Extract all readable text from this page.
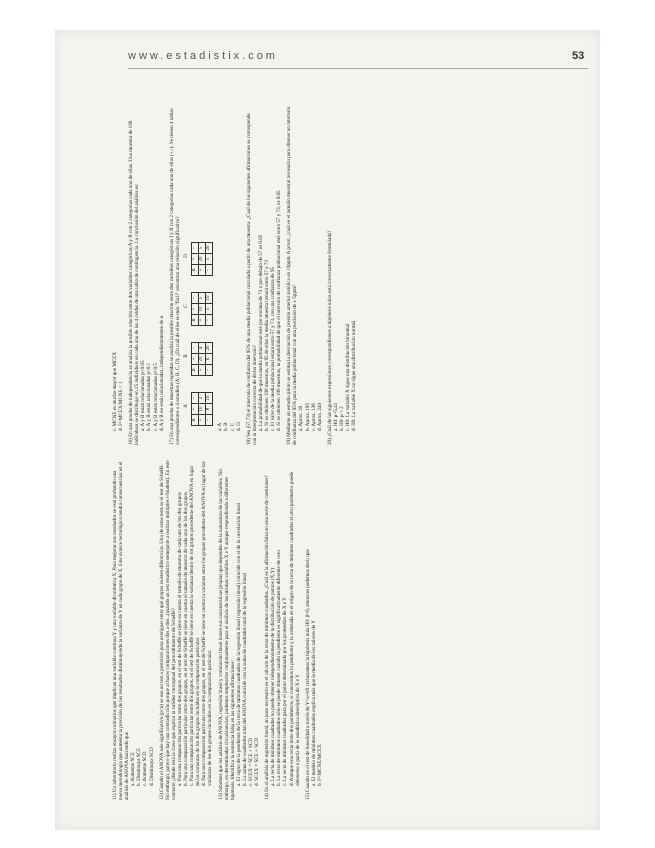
www.estadistix.com	53

11) Un laboratorio realiza ensayos rutinarios que implican una variable continua Y y una variable dicotómica X. Para mejorar sus resultados se está probando una nueva metodología que aumenta la precisión de los resultados disminuyendo la varianza de Y en cada grupo de X. Este avance tecnológico tendrá consecuencias en el análisis de ANOVA haciendo que a. Aumente SCE b. Disminuya SCE c. Aumente SCD d. Disminuya SCD 12) Cuando el ANOVA sale significativo (p<α) se usa un test a posteriori para averiguar entre qué grupos existen diferencias. Uno de estos tests es el test de Scheffé. Sin embargo, parece que hay una contradicción porque al hacer comparaciones dos a dos...(usando un test estadístico semejante a realizar múltiples t-Student). En este contexto ¿dónde está la clave que explica la validez conceptual del procedimiento de Scheffé? a. Para una comparación particular entre dos grupos, en el test de Scheffé se tiene en cuenta el tamaño de muestra de cada uno de los dos grupos b. Para una comparación particular entre dos grupos, en el test de Scheffé se tiene en cuenta el tamaño de muestra de cada uno de los dos grupos c. Para una comparación particular entre dos grupos, en el test de Scheffé se tiene en cuenta la varianza dentro de los grupos procedente del ANOVA en lugar de las varianzas de los dos grupos incluidos en la comparación particular d. Para una comparación particular entre dos grupos, en el test de Scheffé se tiene en cuenta la varianza entre los grupos procedente del ANOVA en lugar de las varianzas de los dos grupos incluidos en la comparación particular 13) Sabemos que los análisis de ANOVA, regresión lineal y correlación lineal tienen sus características propias que dependen de la naturaleza de las variables. Sin embargo, en determinadas circunstancias, podemos emplearlos conjuntamente para el análisis de las mismas variables X e Y aunque respondiendo a diferentes hipótesis. Identifica la sentencia falsa en las siguientes afirmaciones: a. El signo de la pendiente de la recta de mínimos cuadrados de la regresión lineal (regresión lineal) coincide con el de la correlación lineal b. La suma de cuadrados total del ANOVA coincide con la suma de cuadrados total de la regresión lineal c. SCEX = SCE + SCD d. SCEX = SCE + SCD 14) En el análisis de regresión lineal, un paso necesario es el cálculo de la recta de mínimos cuadrados. ¿Cuál es la afirmación falsa en esta serie de cuestiones? a. La recta de mínimos cuadrados no puede obtener independientemente de la distribución de puntos (X,Y) b. La recta de mínimos cuadrados sólo se puede obtener cuando la pendiente es significativamente diferente de cero c. La recta de mínimos cuadrados pasa por el punto determinado por los promedios de X e Y d. Aunque esta recta tiene dos parámetros, si conocemos la pendiente y la ordenada en el origen de la recta de mínimos cuadrados el otro parámetro puede obtenerse a partir de la estadística descriptiva de X e Y 15) Cuando en el test de linealidad a través de Y=a+bX rechazamos la hipótesis nula H0: β=0, entonces podemos decir que a. El modelo de mínimos cuadrados explica más que la media de los valores de Y b. F=MCNE/MCEX
c. MCNE es mucho mayor que MCEX d. F=MCEX/MCNE < 1 16) En una prueba de independencia se analiza la posible relación entre dos variables categóricas A y B con 2 categorías cada una de ellas. Una muestra de 100 individuos se distribuye en 25 individuos en cada una de las 4 celdas de una tabla de contingencia. La conclusión del análisis es: a. A y B están relacionadas p<0.05 b. A y B están relacionadas p<0.1 c. A y B están relacionadas p=0.5 d. A y B no están relacionadas, independientemente de α 17) En una prueba de muestras repetidas se analiza la posible relación entre dos variables categóricas I y II con 2 categorías cada una de ellas (+,-). Se tienen 4 tablas correspondientes a 4 estudios (A, B, C, D). ¿En cuál de ellos es más "fácil" encontrar una relación significativa? A
II	+	-
+	10	2
-	8	10
B
II	+	-
+	20	4
-	6	20
C
II	+	-
+	10	5
-	5	10
D
II	+	-
+	20	5
-	5	20
a. A b. B c. C d. D 18) Sea (57,73) el intervalo de confianza del 95% de una media poblacional calculado a partir de una muestra. ¿Cuál de las siguientes afirmaciones se corresponde con la interpretación correcta de dicho intervalo? a. La probabilidad de que la media poblacional esté por encima de 73 o por debajo de 57 es 0.05 b. Si se obtienen 100 muestras, en 95 de ellas la media muestral estará entre 57 y 73 c. El valor de la media poblacional estará entre 57 y 73, con una confianza de 95 d. Si se obtienen 100 muestras, la probabilidad de que el intervalo de confianza poblacional esté entre 57 y 73, es 0.05 19) Mediante un estudio piloto se estima la desviación de presión arterial sistólica en 10ppm. A priori, ¿cuál es el tamaño muestral necesario para obtener un intervalo de confianza del 95% para la media poblacional con una precisión de ± 5ppm? a. Aprox. 30 b. Aprox. 195 c. Aprox. 138 d. Aprox. 240 20) ¿Cuál de las siguientes expresiones correspondientes a hipótesis nulas está correctamente formulada? a. H0: μ=5,41 b. H0: μ < 2 c. H0: La variable X sigue una distribución binomial d. H0: La variable X no sigue una distribución normal
